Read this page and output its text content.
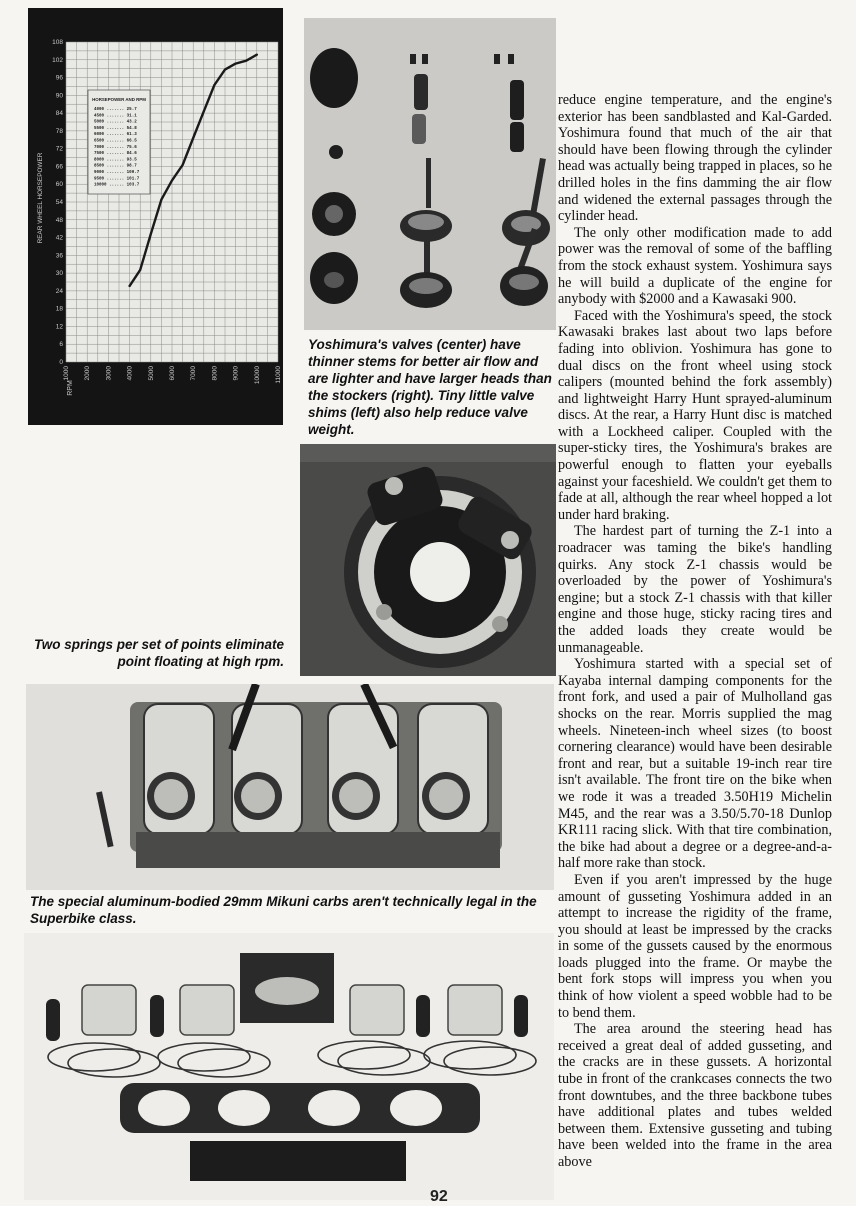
0
6
12
18
24
30
36
42
48
54
60
66
72
78
84
90
96
102
108
1000 2000 3000 4000 5000 6000 7000 8000 9000 10000 11000
HORSEPOWER AND RPM
4000 ....... 25.7
4500 ....... 31.1
5000 ....... 43.2
5500 ....... 54.8
6000 ....... 61.3
6500 ....... 66.5
7000 ....... 75.6
7500 ....... 84.6
8000 ....... 93.5
8500 ....... 98.7
9000 ....... 100.7
9500 ....... 101.7
10000 ...... 103.7
REAR WHEEL HORSEPOWER
RPM
Yoshimura's valves (center) have thinner stems for better air flow and are lighter and have larger heads than the stockers (right). Tiny little valve shims (left) also help reduce valve weight.
Two springs per set of points eliminate point floating at high rpm.
The special aluminum-bodied 29mm Mikuni carbs aren't technically legal in the Superbike class.

reduce engine temperature, and the engine's exterior has been sandblasted and Kal-Garded. Yoshimura found that much of the air that should have been flowing through the cylinder head was actually being trapped in places, so he drilled holes in the fins damming the air flow and widened the external passages through the cylinder head.

The only other modification made to add power was the removal of some of the baffling from the stock exhaust system. Yoshimura says he will build a duplicate of the engine for anybody with $2000 and a Kawasaki 900.

Faced with the Yoshimura's speed, the stock Kawasaki brakes last about two laps before fading into oblivion. Yoshimura has gone to dual discs on the front wheel using stock calipers (mounted behind the fork assembly) and lightweight Harry Hunt sprayed-aluminum discs. At the rear, a Harry Hunt disc is matched with a Lockheed caliper. Coupled with the super-sticky tires, the Yoshimura's brakes are powerful enough to flatten your eyeballs against your faceshield. We couldn't get them to fade at all, although the rear wheel hopped a lot under hard braking.

The hardest part of turning the Z-1 into a roadracer was taming the bike's handling quirks. Any stock Z-1 chassis would be overloaded by the power of Yoshimura's engine; but a stock Z-1 chassis with that killer engine and those huge, sticky racing tires and the added loads they create would be unmanageable.

Yoshimura started with a special set of Kayaba internal damping components for the front fork, and used a pair of Mulholland gas shocks on the rear. Morris supplied the mag wheels. Nineteen-inch wheel sizes (to boost cornering clearance) would have been desirable front and rear, but a suitable 19-inch rear tire isn't available. The front tire on the bike when we rode it was a treaded 3.50H19 Michelin M45, and the rear was a 3.50/5.70-18 Dunlop KR111 racing slick. With that tire combination, the bike had about a degree or a degree-and-a-half more rake than stock.

Even if you aren't impressed by the huge amount of gusseting Yoshimura added in an attempt to increase the rigidity of the frame, you should at least be impressed by the cracks in some of the gussets caused by the enormous loads plugged into the frame. Or maybe the bent fork stops will impress you when you think of how violent a speed wobble had to be to bend them.

The area around the steering head has received a great deal of added gusseting, and the cracks are in these gussets. A horizontal tube in front of the crankcases connects the two front downtubes, and the three backbone tubes have additional plates and tubes welded between them. Extensive gusseting and tubing have been welded into the frame in the area above

92
